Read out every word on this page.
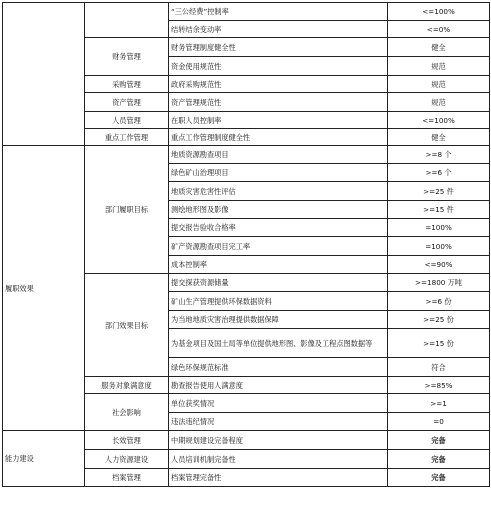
		“三公经费”控制率	<=100%
		结转结余变动率	<=0%
	财务管理	财务管理制度健全性	健全
		资金使用规范性	规范
	采购管理	政府采购规范性	规范
	资产管理	资产管理规范性	规范
	人员管理	在职人员控制率	<=100%
	重点工作管理	重点工作管理制度健全性	健全
履职效果	部门履职目标	地质资源勘查项目	>=8 个
		绿色矿山治理项目	>=6 个
		地质灾害危害性评估	>=25 件
		测绘地形图及影像	>=15 件
		提交报告验收合格率	=100%
		矿产资源勘查项目完工率	=100%
		成本控制率	<=90%
	部门效果目标	提交探获资源储量	>=1800 万吨
		矿山生产管理提供环保数据资料	>=6 份
		为当地地质灾害治理提供数据保障	>=25 份
		为基金项目及国土局等单位提供地形图、影像及工程点图数据等	>=15 份
		绿色环保规范标准	符合
	服务对象满意度	勘查报告使用人满意度	>=85%
	社会影响	单位获奖情况	>=1
		违法违纪情况	=0
能力建设	长效管理	中期规划建设完备程度	完备
	人力资源建设	人员培训机制完备性	完备
	档案管理	档案管理完备性	完备
